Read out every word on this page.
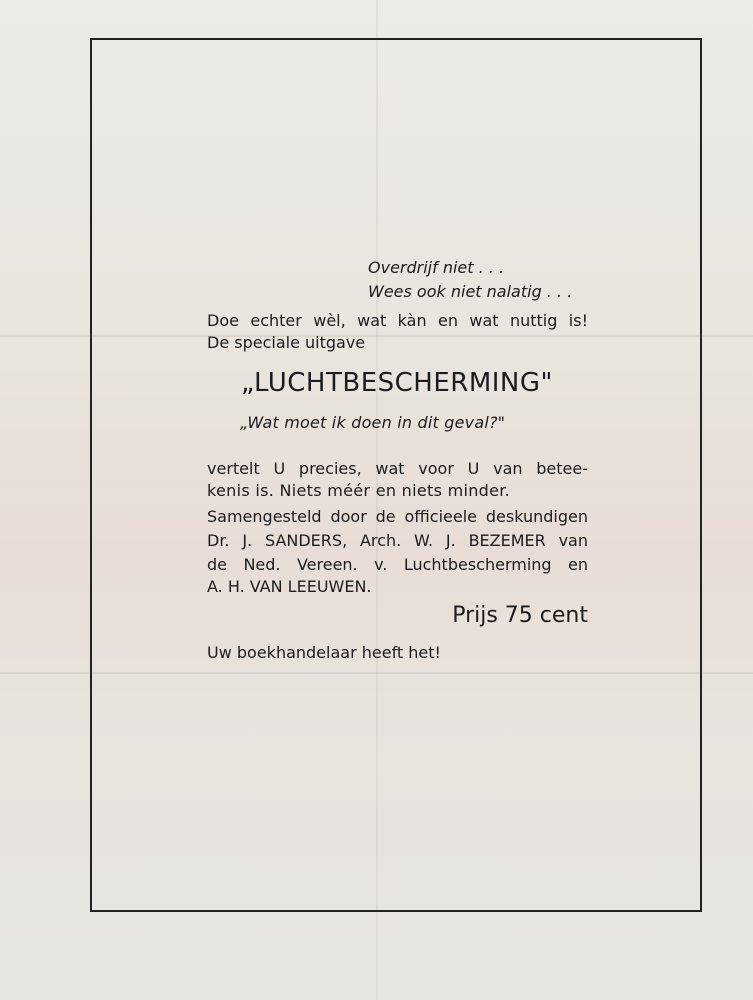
Overdrijf niet . . .
Wees ook niet nalatig . . .
Doe echter wèl, wat kàn en wat nuttig is!
De speciale uitgave
„LUCHTBESCHERMING"
„Wat moet ik doen in dit geval?"
vertelt U precies, wat voor U van betee-
kenis is. Niets méér en niets minder.
Samengesteld door de officieele deskundigen
Dr. J. SANDERS, Arch. W. J. BEZEMER van
de Ned. Vereen. v. Luchtbescherming en
A. H. VAN LEEUWEN.
Prijs 75 cent
Uw boekhandelaar heeft het!
